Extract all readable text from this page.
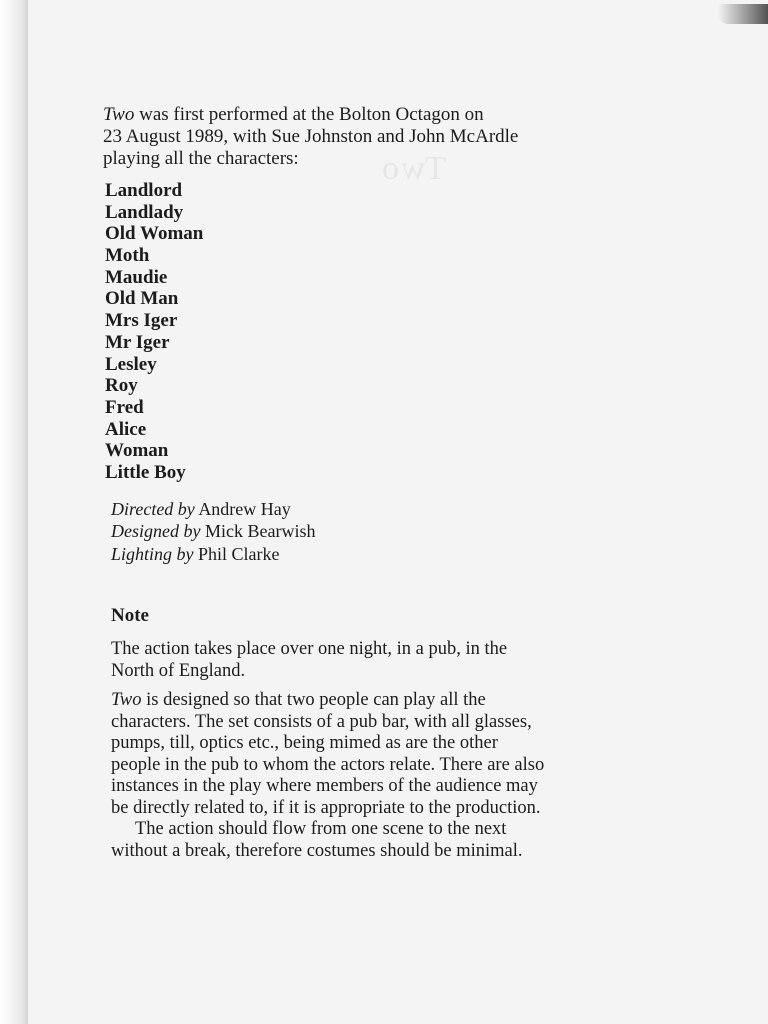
Two

Two was first performed at the Bolton Octagon on
23 August 1989, with Sue Johnston and John McArdle
playing all the characters:

Landlord
Landlady
Old Woman
Moth
Maudie
Old Man
Mrs Iger
Mr Iger
Lesley
Roy
Fred
Alice
Woman
Little Boy
Directed by Andrew Hay
Designed by Mick Bearwish
Lighting by Phil Clarke
Note

The action takes place over one night, in a pub, in the
North of England.

Two is designed so that two people can play all the
characters. The set consists of a pub bar, with all glasses,
pumps, till, optics etc., being mimed as are the other
people in the pub to whom the actors relate. There are also
instances in the play where members of the audience may
be directly related to, if it is appropriate to the production.
The action should flow from one scene to the next
without a break, therefore costumes should be minimal.
